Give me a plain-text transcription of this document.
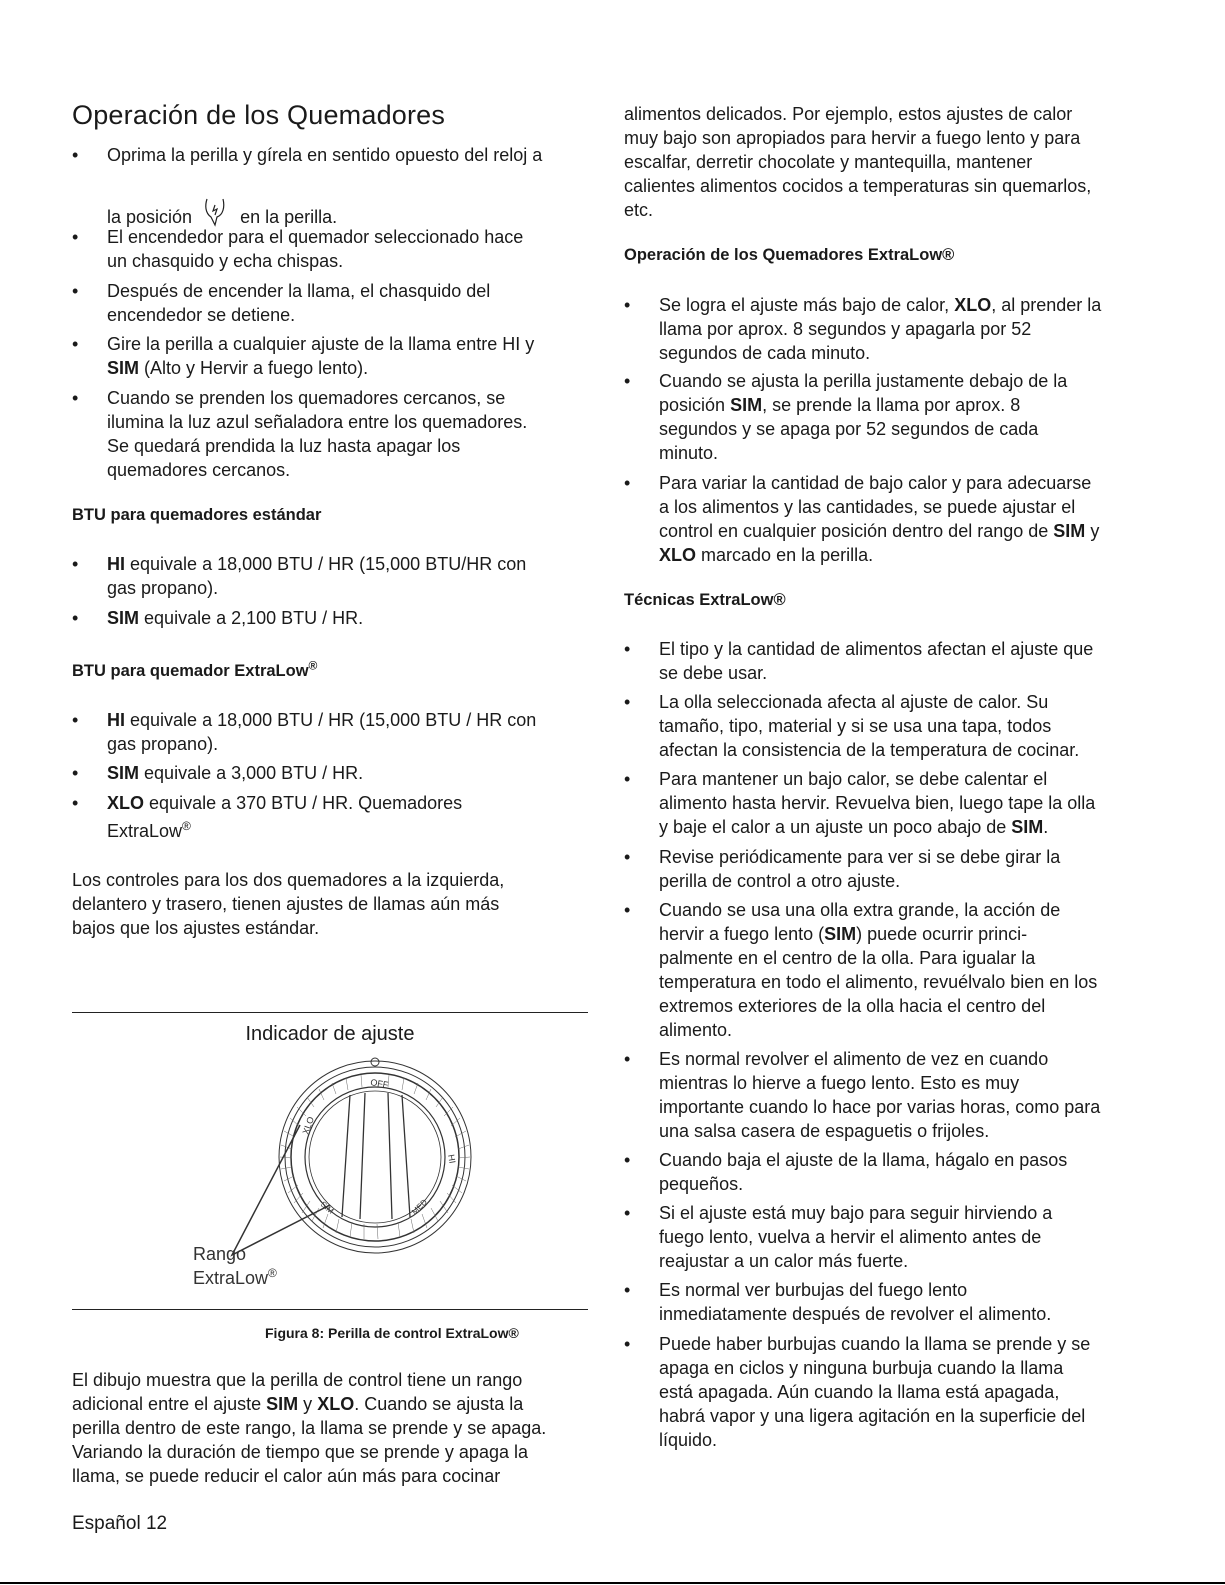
Operación de los Quemadores
• Oprima la perilla y gírela en sentido opuesto del reloj a
la posición	en la perilla.
• El encendedor para el quemador seleccionado hace
un chasquido y echa chispas.
• Después de encender la llama, el chasquido del
encendedor se detiene.
• Gire la perilla a cualquier ajuste de la llama entre HI y
SIM (Alto y Hervir a fuego lento).
• Cuando se prenden los quemadores cercanos, se
ilumina la luz azul señaladora entre los quemadores.
Se quedará prendida la luz hasta apagar los
quemadores cercanos.
BTU para quemadores estándar
• HI equivale a 18,000 BTU / HR (15,000 BTU/HR con
gas propano).
• SIM equivale a 2,100 BTU / HR.
BTU para quemador ExtraLow®
• HI equivale a 18,000 BTU / HR (15,000 BTU / HR con
gas propano).
• SIM equivale a 3,000 BTU / HR.
• XLO equivale a 370 BTU / HR. Quemadores
ExtraLow®
Los controles para los dos quemadores a la izquierda,
delantero y trasero, tienen ajustes de llamas aún más
bajos que los ajustes estándar.
Indicador de ajuste
OFF
XLO
HI
SIM	MED
Rango
ExtraLow®
Figura 8: Perilla de control ExtraLow®
El dibujo muestra que la perilla de control tiene un rango
adicional entre el ajuste SIM y XLO. Cuando se ajusta la
perilla dentro de este rango, la llama se prende y se apaga.
Variando la duración de tiempo que se prende y apaga la
llama, se puede reducir el calor aún más para cocinar
Español 12
alimentos delicados. Por ejemplo, estos ajustes de calor
muy bajo son apropiados para hervir a fuego lento y para
escalfar, derretir chocolate y mantequilla, mantener
calientes alimentos cocidos a temperaturas sin quemarlos,
etc.
Operación de los Quemadores ExtraLow®
• Se logra el ajuste más bajo de calor, XLO, al prender la
llama por aprox. 8 segundos y apagarla por 52
segundos de cada minuto.
• Cuando se ajusta la perilla justamente debajo de la
posición SIM, se prende la llama por aprox. 8
segundos y se apaga por 52 segundos de cada
minuto.
• Para variar la cantidad de bajo calor y para adecuarse
a los alimentos y las cantidades, se puede ajustar el
control en cualquier posición dentro del rango de SIM y
XLO marcado en la perilla.
Técnicas ExtraLow®
• El tipo y la cantidad de alimentos afectan el ajuste que
se debe usar.
• La olla seleccionada afecta al ajuste de calor. Su
tamaño, tipo, material y si se usa una tapa, todos
afectan la consistencia de la temperatura de cocinar.
• Para mantener un bajo calor, se debe calentar el
alimento hasta hervir. Revuelva bien, luego tape la olla
y baje el calor a un ajuste un poco abajo de SIM.
• Revise periódicamente para ver si se debe girar la
perilla de control a otro ajuste.
• Cuando se usa una olla extra grande, la acción de
hervir a fuego lento (SIM) puede ocurrir princi-
palmente en el centro de la olla. Para igualar la
temperatura en todo el alimento, revuélvalo bien en los
extremos exteriores de la olla hacia el centro del
alimento.
• Es normal revolver el alimento de vez en cuando
mientras lo hierve a fuego lento. Esto es muy
importante cuando lo hace por varias horas, como para
una salsa casera de espaguetis o frijoles.
• Cuando baja el ajuste de la llama, hágalo en pasos
pequeños.
• Si el ajuste está muy bajo para seguir hirviendo a
fuego lento, vuelva a hervir el alimento antes de
reajustar a un calor más fuerte.
• Es normal ver burbujas del fuego lento
inmediatamente después de revolver el alimento.
• Puede haber burbujas cuando la llama se prende y se
apaga en ciclos y ninguna burbuja cuando la llama
está apagada. Aún cuando la llama está apagada,
habrá vapor y una ligera agitación en la superficie del
líquido.
